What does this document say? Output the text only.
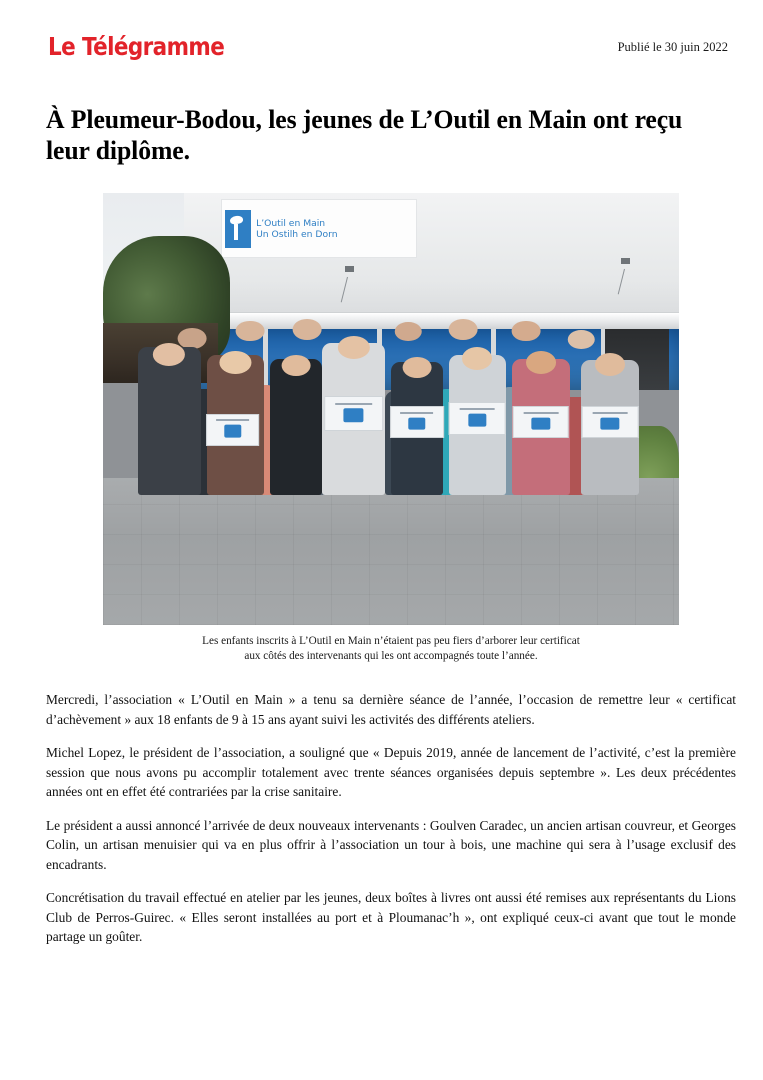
Le Télégramme	Publié le 30 juin 2022
À Pleumeur-Bodou, les jeunes de L’Outil en Main ont reçu leur diplôme.
L’Outil en Main
Un Ostilh en Dorn
Les enfants inscrits à L’Outil en Main n’étaient pas peu fiers d’arborer leur certificat
aux côtés des intervenants qui les ont accompagnés toute l’année.

Mercredi, l’association « L’Outil en Main » a tenu sa dernière séance de l’année, l’occasion de remettre leur « certificat d’achèvement » aux 18 enfants de 9 à 15 ans ayant suivi les activités des différents ateliers.

Michel Lopez, le président de l’association, a souligné que « Depuis 2019, année de lancement de l’activité, c’est la première session que nous avons pu accomplir totalement avec trente séances organisées depuis septembre ». Les deux précédentes années ont en effet été contrariées par la crise sanitaire.

Le président a aussi annoncé l’arrivée de deux nouveaux intervenants : Goulven Caradec, un ancien artisan couvreur, et Georges Colin, un artisan menuisier qui va en plus offrir à l’association un tour à bois, une machine qui sera à l’usage exclusif des encadrants.

Concrétisation du travail effectué en atelier par les jeunes, deux boîtes à livres ont aussi été remises aux représentants du Lions Club de Perros-Guirec. « Elles seront installées au port et à Ploumanac’h », ont expliqué ceux-ci avant que tout le monde partage un goûter.
